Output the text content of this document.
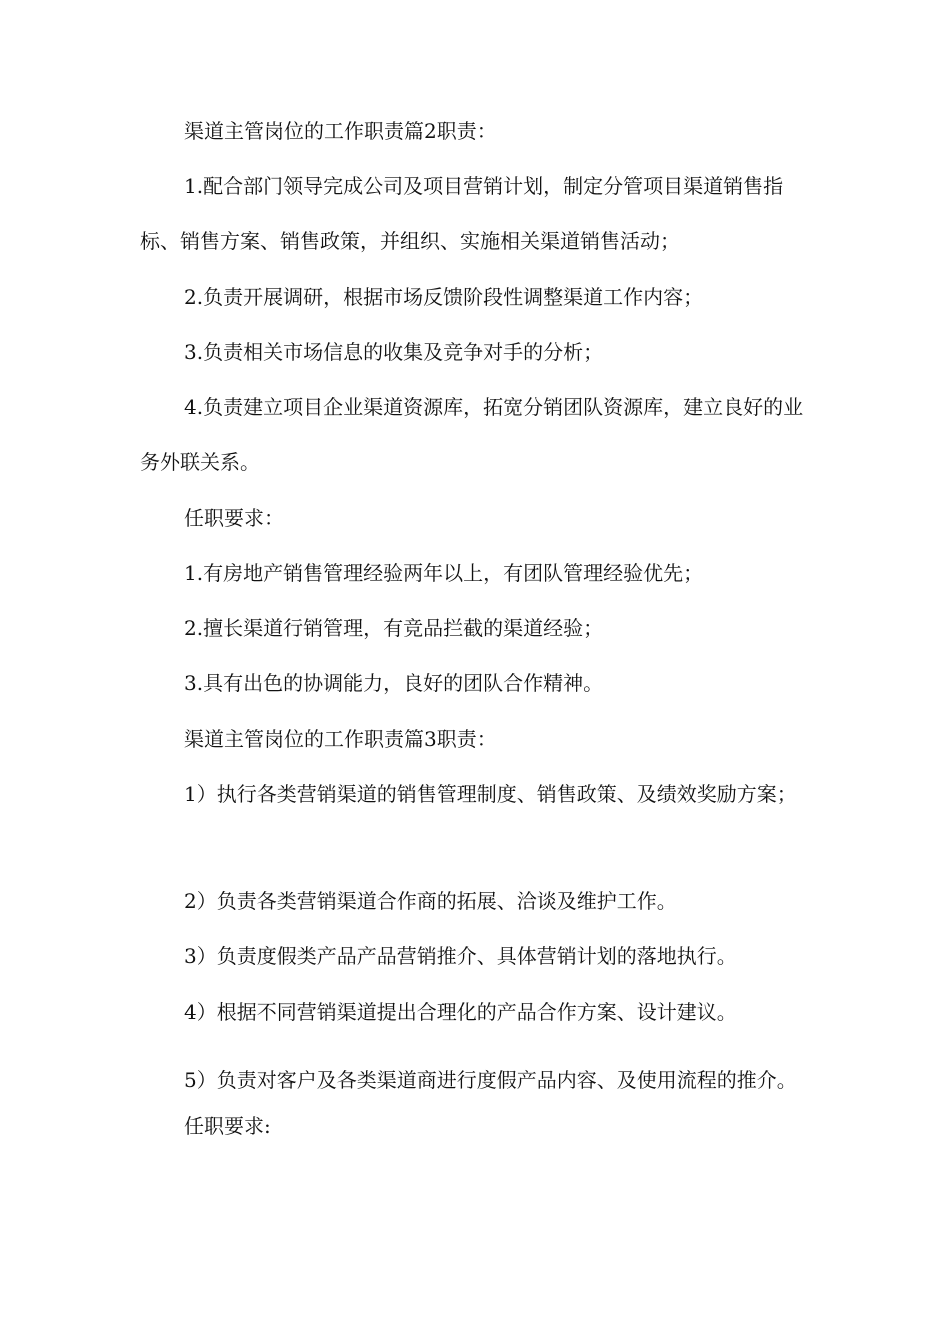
渠道主管岗位的工作职责篇2职责：

1.配合部门领导完成公司及项目营销计划，制定分管项目渠道销售指标、销售方案、销售政策，并组织、实施相关渠道销售活动；

2.负责开展调研，根据市场反馈阶段性调整渠道工作内容；

3.负责相关市场信息的收集及竞争对手的分析；

4.负责建立项目企业渠道资源库，拓宽分销团队资源库，建立良好的业务外联关系。

任职要求：

1.有房地产销售管理经验两年以上，有团队管理经验优先；

2.擅长渠道行销管理，有竞品拦截的渠道经验；

3.具有出色的协调能力，良好的团队合作精神。

渠道主管岗位的工作职责篇3职责：

1）执行各类营销渠道的销售管理制度、销售政策、及绩效奖励方案；

2）负责各类营销渠道合作商的拓展、洽谈及维护工作。

3）负责度假类产品产品营销推介、具体营销计划的落地执行。

4）根据不同营销渠道提出合理化的产品合作方案、设计建议。

5）负责对客户及各类渠道商进行度假产品内容、及使用流程的推介。

任职要求:
